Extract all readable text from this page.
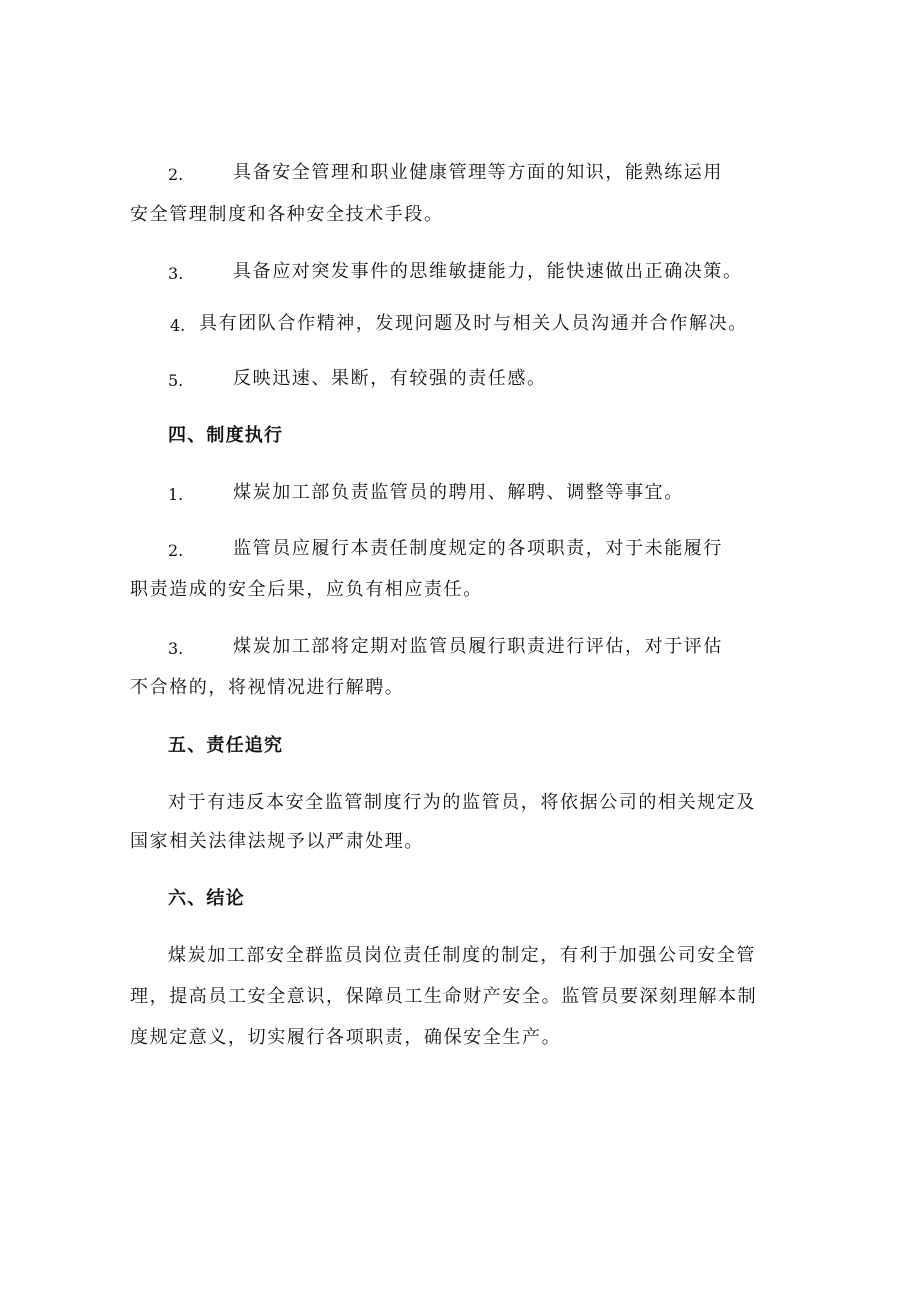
2.	具备安全管理和职业健康管理等方面的知识，能熟练运用
安全管理制度和各种安全技术手段。
3.	具备应对突发事件的思维敏捷能力，能快速做出正确决策。
4. 具有团队合作精神，发现问题及时与相关人员沟通并合作解决。
5.	反映迅速、果断，有较强的责任感。
四、制度执行
1.	煤炭加工部负责监管员的聘用、解聘、调整等事宜。
2.	监管员应履行本责任制度规定的各项职责，对于未能履行
职责造成的安全后果，应负有相应责任。
3.	煤炭加工部将定期对监管员履行职责进行评估，对于评估
不合格的，将视情况进行解聘。
五、责任追究
对于有违反本安全监管制度行为的监管员，将依据公司的相关规定及
国家相关法律法规予以严肃处理。
六、结论
煤炭加工部安全群监员岗位责任制度的制定，有利于加强公司安全管
理，提高员工安全意识，保障员工生命财产安全。监管员要深刻理解本制
度规定意义，切实履行各项职责，确保安全生产。
